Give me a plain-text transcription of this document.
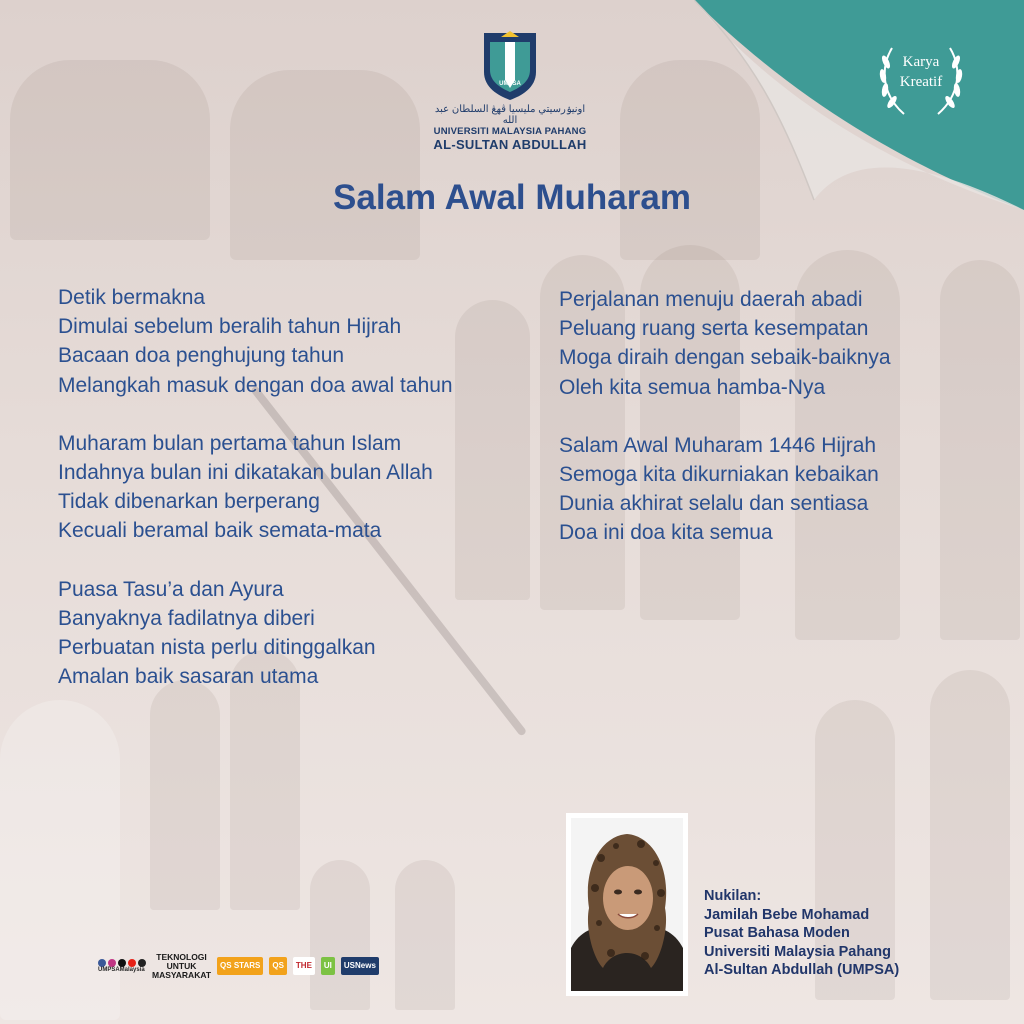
Karya
Kreatif
UMPSA
اونيۏرسيتي مليسيا ڤهڠ السلطان عبد الله
UNIVERSITI MALAYSIA PAHANG
AL-SULTAN ABDULLAH
Salam Awal Muharam
Detik bermakna
Dimulai sebelum beralih tahun Hijrah
Bacaan doa penghujung tahun
Melangkah masuk dengan doa awal tahun
Muharam bulan pertama tahun Islam
Indahnya bulan ini dikatakan bulan Allah
Tidak dibenarkan berperang
Kecuali beramal baik semata-mata
Puasa Tasu’a dan Ayura
Banyaknya fadilatnya diberi
Perbuatan nista perlu ditinggalkan
Amalan baik sasaran utama
Perjalanan menuju daerah abadi
Peluang ruang serta kesempatan
Moga diraih dengan sebaik-baiknya
Oleh kita semua hamba-Nya
Salam Awal Muharam 1446 Hijrah
Semoga kita dikurniakan kebaikan
Dunia akhirat selalu dan sentiasa
Doa ini doa kita semua
Nukilan:
Jamilah Bebe Mohamad
Pusat Bahasa Moden
Universiti Malaysia Pahang
Al-Sultan Abdullah (UMPSA)
UMPSAMalaysia
TEKNOLOGI
UNTUK
MASYARAKAT
QS STARS	QS	THE	UI	USNews
